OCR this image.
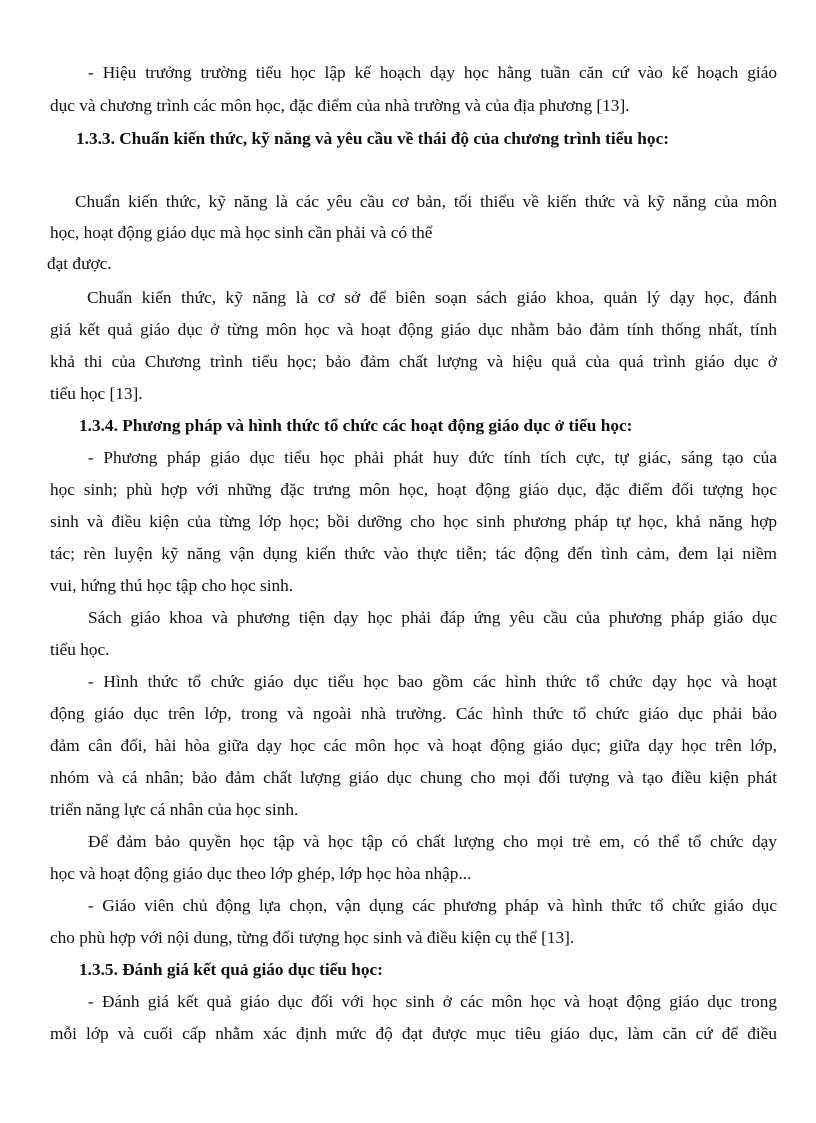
- Hiệu trưởng trường tiểu học lập kế hoạch dạy học hằng tuần căn cứ vào kế hoạch giáo
dục và chương trình các môn học, đặc điểm của nhà trường và của địa phương [13].
1.3.3. Chuẩn kiến thức, kỹ năng và yêu cầu về thái độ của chương trình tiểu học:
Chuẩn kiến thức, kỹ năng là các yêu cầu cơ bản, tối thiểu về kiến thức và kỹ năng của môn
học, hoạt động giáo dục mà học sinh cần phải và có thể
đạt được.
Chuẩn kiến thức, kỹ năng là cơ sở để biên soạn sách giáo khoa, quản lý dạy học, đánh
giá kết quả giáo dục ở từng môn học và hoạt động giáo dục nhằm bảo đảm tính thống nhất, tính
khả thi của Chương trình tiểu học; bảo đảm chất lượng và hiệu quả của quá trình giáo dục ở
tiểu học [13].
1.3.4. Phương pháp và hình thức tổ chức các hoạt động giáo dục ở tiểu học:
- Phương pháp giáo dục tiểu học phải phát huy đức tính tích cực, tự giác, sáng tạo của
học sinh; phù hợp với những đặc trưng môn học, hoạt động giáo dục, đặc điểm đối tượng học
sinh và điều kiện của từng lớp học; bồi dưỡng cho học sinh phương pháp tự học, khả năng hợp
tác; rèn luyện kỹ năng vận dụng kiến thức vào thực tiễn; tác động đến tình cảm, đem lại niềm
vui, hứng thú học tập cho học sinh.
Sách giáo khoa và phương tiện dạy học phải đáp ứng yêu cầu của phương pháp giáo dục
tiểu học.
- Hình thức tổ chức giáo dục tiểu học bao gồm các hình thức tổ chức dạy học và hoạt
động giáo dục trên lớp, trong và ngoài nhà trường. Các hình thức tổ chức giáo dục phải bảo
đảm cân đối, hài hòa giữa dạy học các môn học và hoạt động giáo dục; giữa dạy học trên lớp,
nhóm và cá nhân; bảo đảm chất lượng giáo dục chung cho mọi đối tượng và tạo điều kiện phát
triển năng lực cá nhân của học sinh.
Để đảm bảo quyền học tập và học tập có chất lượng cho mọi trẻ em, có thể tổ chức dạy
học và hoạt động giáo dục theo lớp ghép, lớp học hòa nhập...
- Giáo viên chủ động lựa chọn, vận dụng các phương pháp và hình thức tổ chức giáo dục
cho phù hợp với nội dung, từng đối tượng học sinh và điều kiện cụ thể [13].
1.3.5. Đánh giá kết quả giáo dục tiểu học:
- Đánh giá kết quả giáo dục đối với học sinh ở các môn học và hoạt động giáo dục trong
mỗi lớp và cuối cấp nhằm xác định mức độ đạt được mục tiêu giáo dục, làm căn cứ để điều
